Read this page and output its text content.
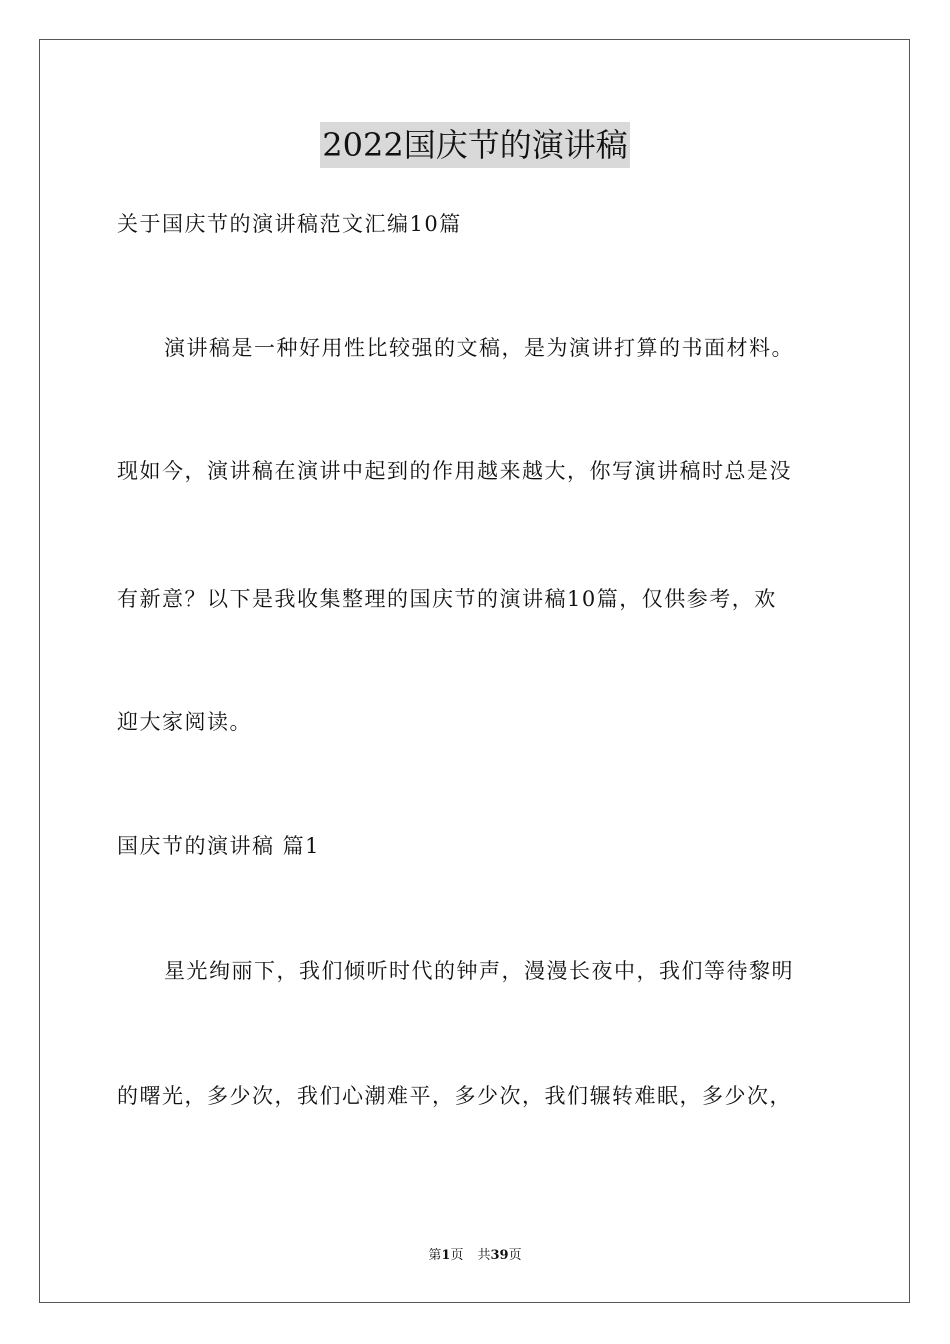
2022国庆节的演讲稿
关于国庆节的演讲稿范文汇编10篇
演讲稿是一种好用性比较强的文稿，是为演讲打算的书面材料。
现如今，演讲稿在演讲中起到的作用越来越大，你写演讲稿时总是没
有新意？以下是我收集整理的国庆节的演讲稿10篇，仅供参考，欢
迎大家阅读。
国庆节的演讲稿 篇1
星光绚丽下，我们倾听时代的钟声，漫漫长夜中，我们等待黎明
的曙光，多少次，我们心潮难平，多少次，我们辗转难眠，多少次，
第1页 共39页
